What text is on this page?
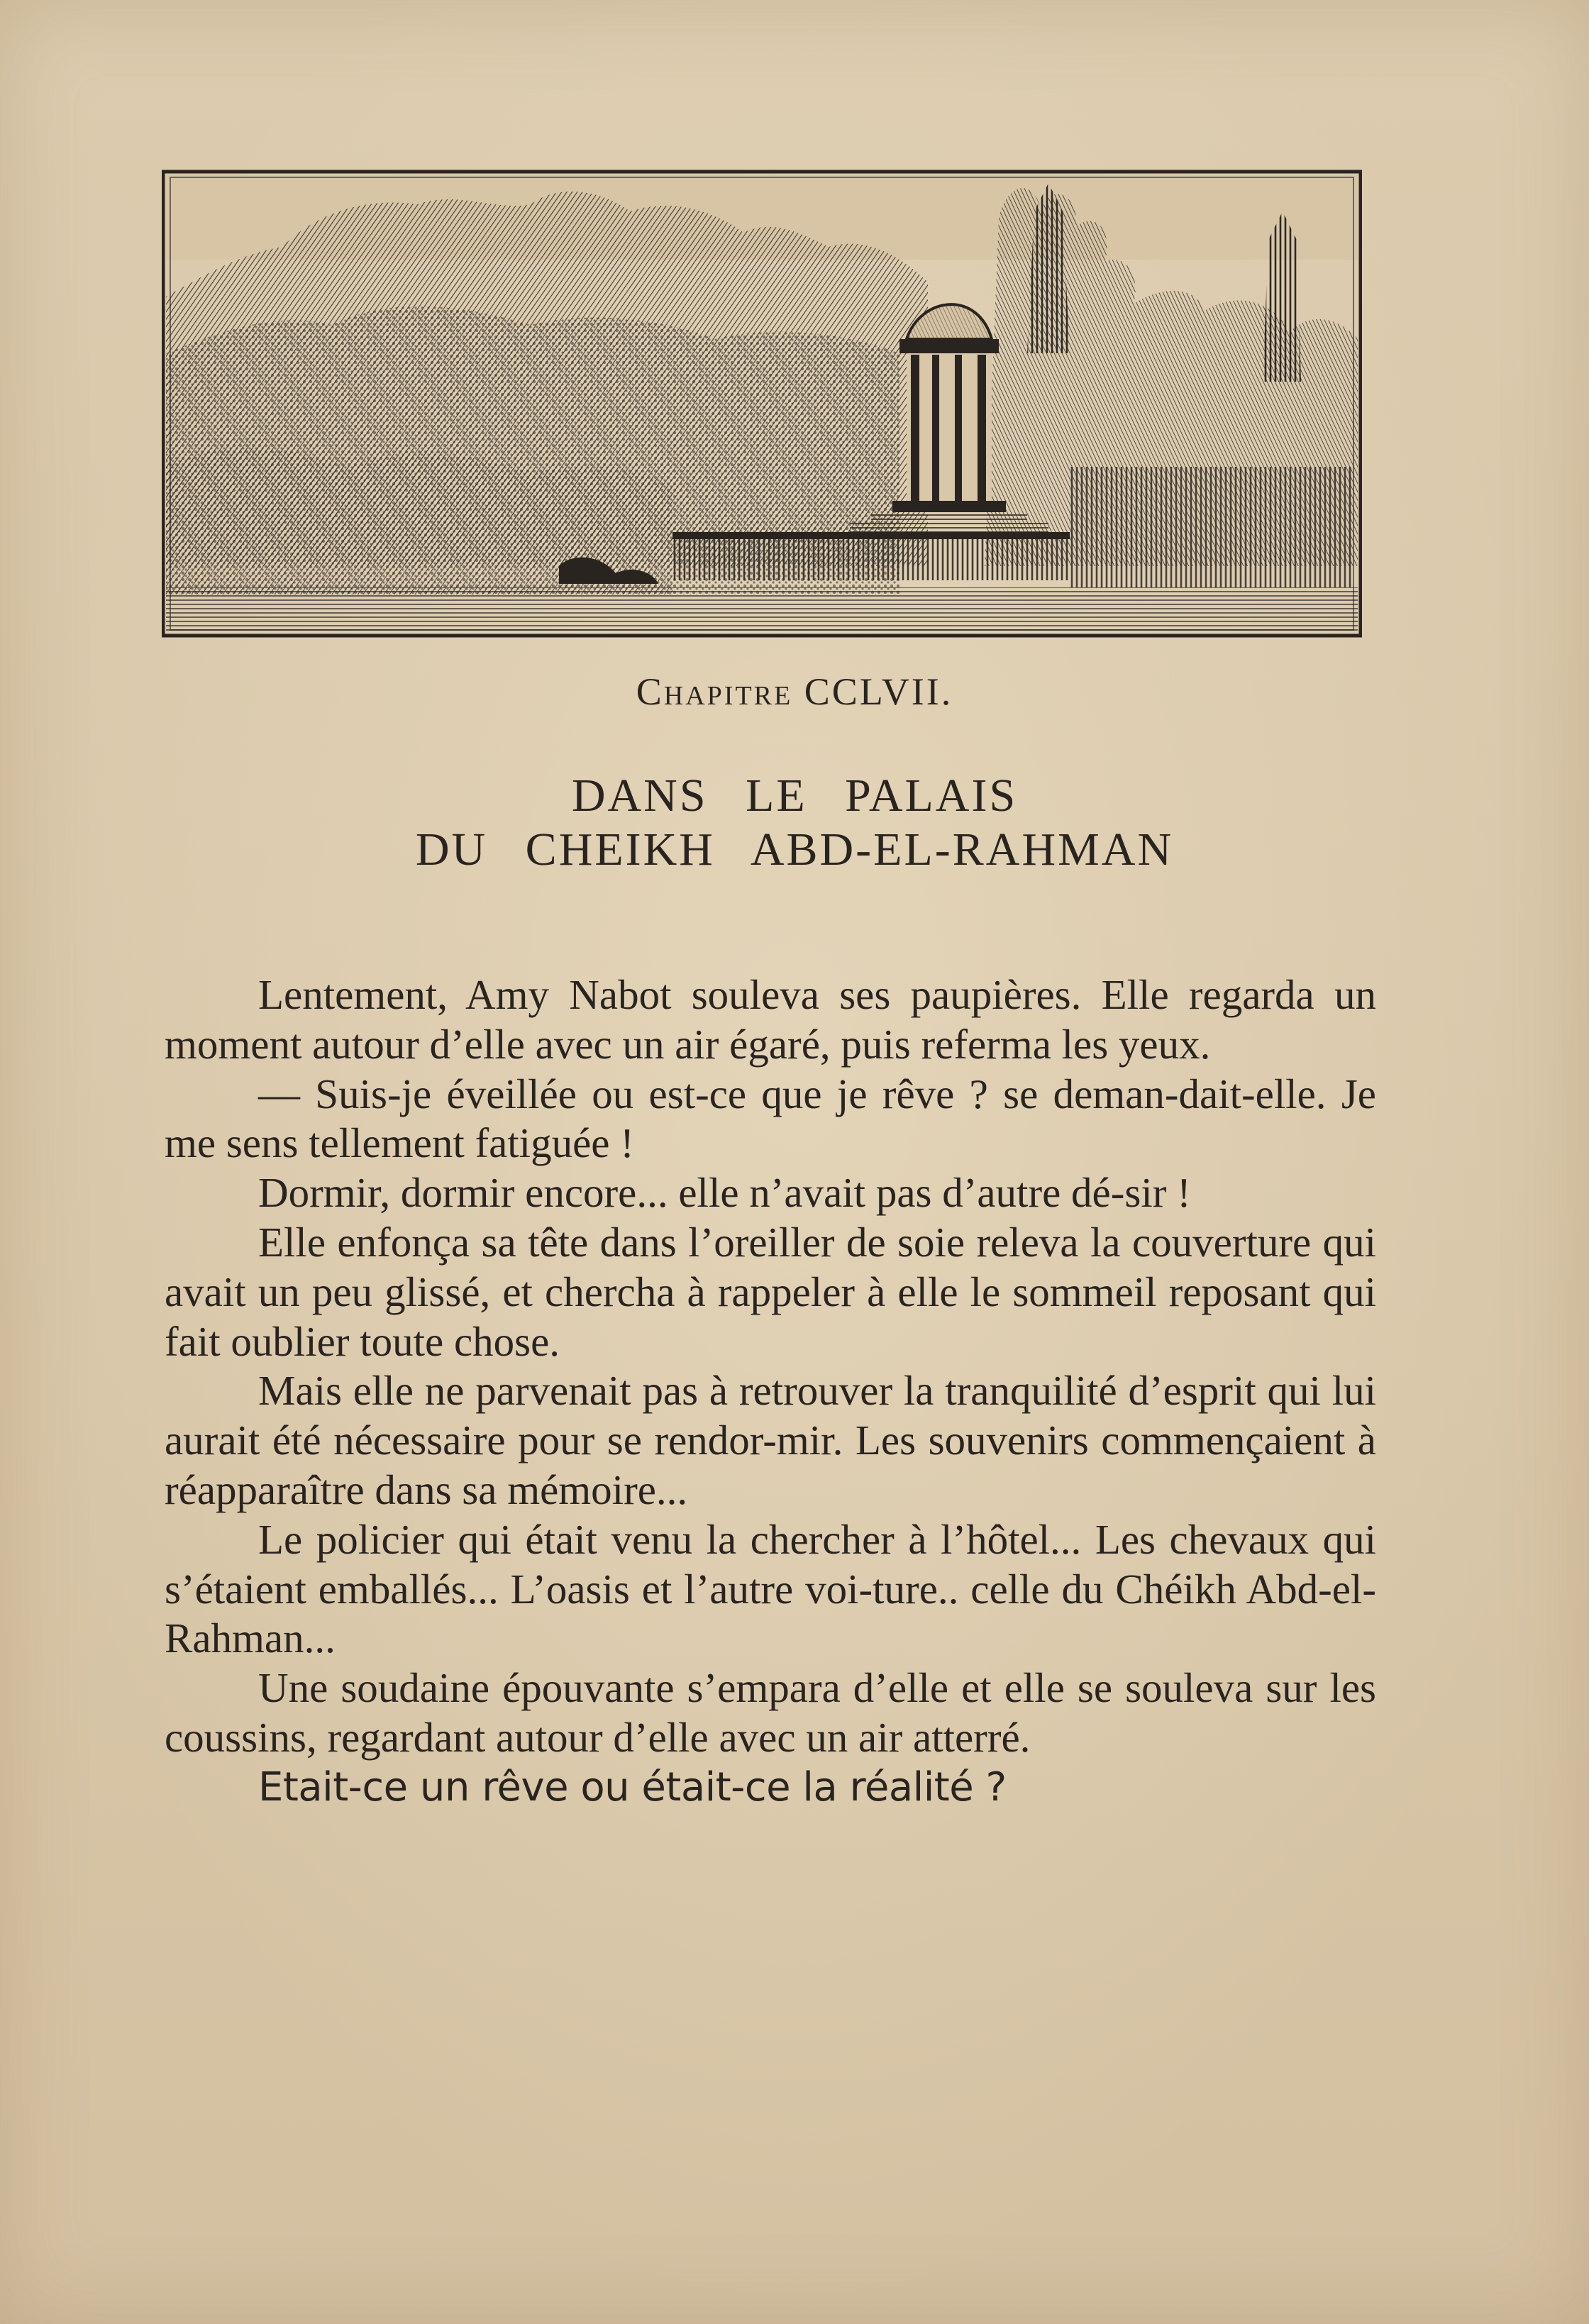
Chapitre CCLVII.
DANS LE PALAIS
DU CHEIKH ABD-EL-RAHMAN

Lentement, Amy Nabot souleva ses paupières. Elle regarda un moment autour d’elle avec un air égaré, puis referma les yeux.

— Suis-je éveillée ou est-ce que je rêve ? se deman-dait-elle. Je me sens tellement fatiguée !

Dormir, dormir encore... elle n’avait pas d’autre dé-sir !

Elle enfonça sa tête dans l’oreiller de soie releva la couverture qui avait un peu glissé, et chercha à rappeler à elle le sommeil reposant qui fait oublier toute chose.

Mais elle ne parvenait pas à retrouver la tranquilité d’esprit qui lui aurait été nécessaire pour se rendor-mir. Les souvenirs commençaient à réapparaître dans sa mémoire...

Le policier qui était venu la chercher à l’hôtel... Les chevaux qui s’étaient emballés... L’oasis et l’autre voi-ture.. celle du Chéikh Abd-el-Rahman...

Une soudaine épouvante s’empara d’elle et elle se souleva sur les coussins, regardant autour d’elle avec un air atterré.

Etait-ce un rêve ou était-ce la réalité ?
